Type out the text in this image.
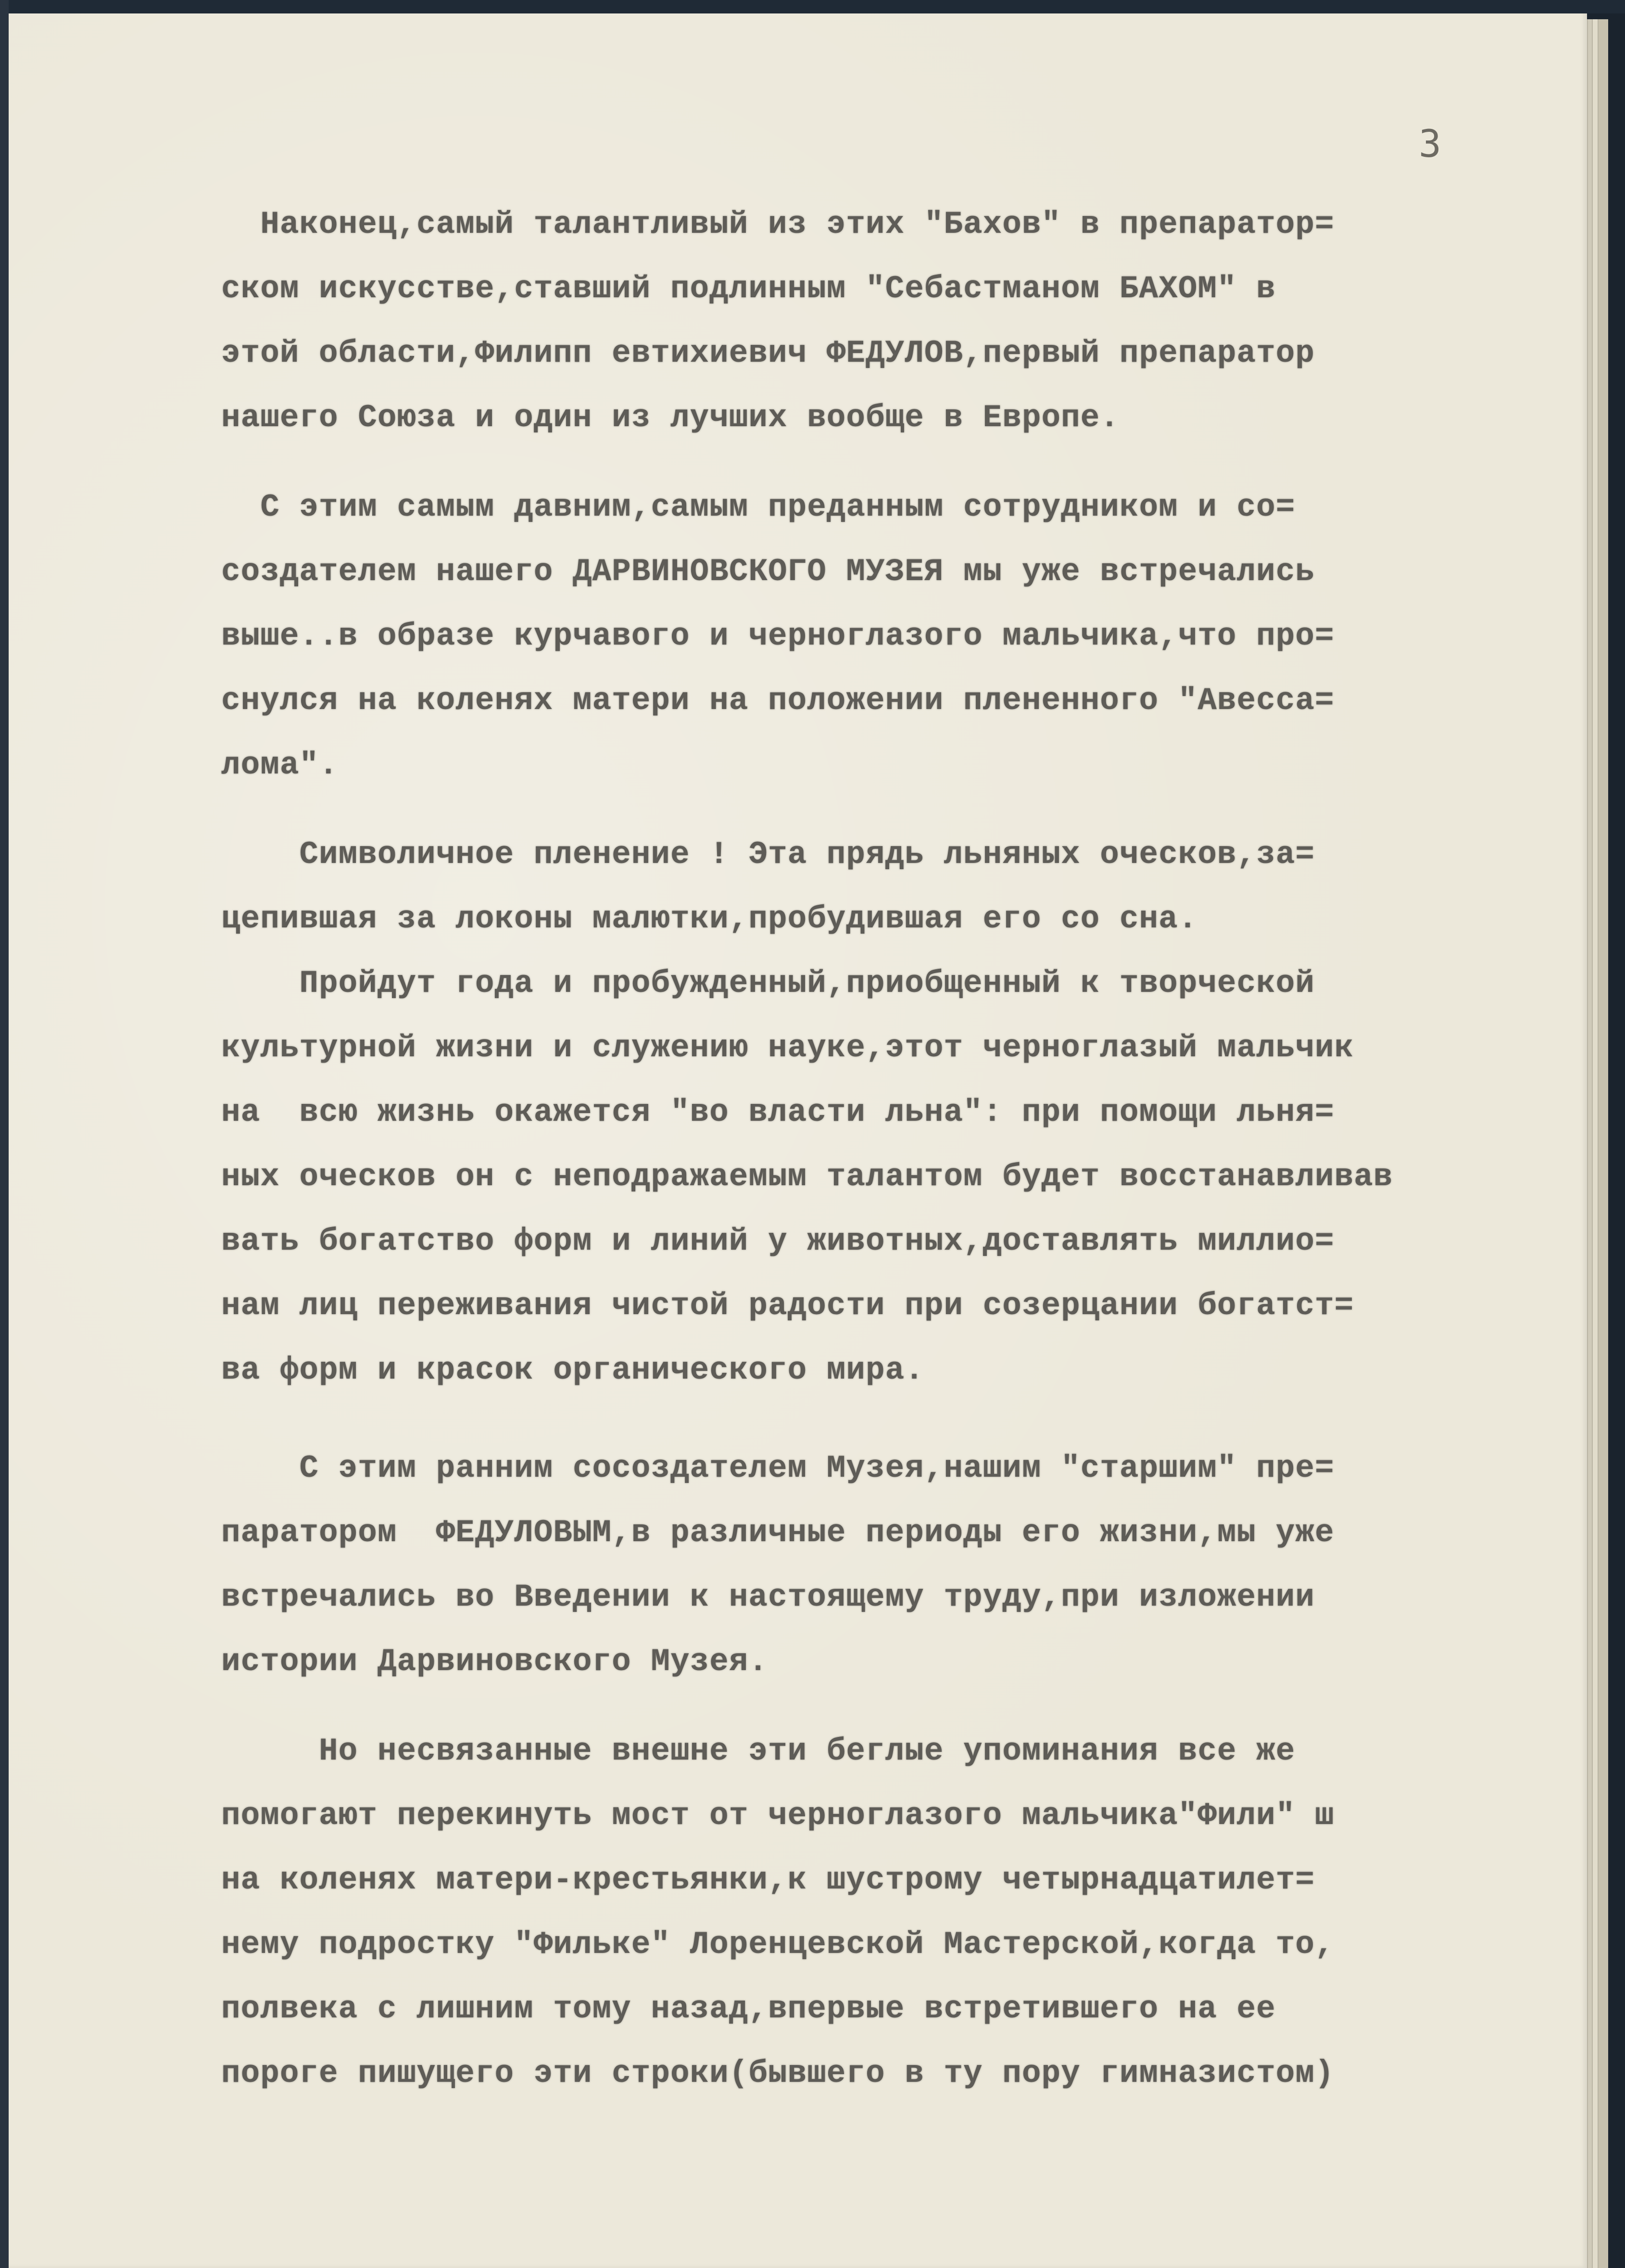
3
Наконец,самый талантливый из этих "Бахов" в препаратор=
ском искусстве,ставший подлинным "Себастманом БАХОМ" в
этой области,Филипп евтихиевич ФЕДУЛОВ,первый препаратор
нашего Союза и один из лучших вообще в Европе.
С этим самым давним,самым преданным сотрудником и со=
создателем нашего ДАРВИНОВСКОГО МУЗЕЯ мы уже встречались
выше..в образе курчавого и черноглазого мальчика,что про=
снулся на коленях матери на положении плененного "Авесса=
лома".
Символичное пленение ! Эта прядь льняных оческов,за=
цепившая за локоны малютки,пробудившая его со сна.
Пройдут года и пробужденный,приобщенный к творческой
культурной жизни и служению науке,этот черноглазый мальчик
на  всю жизнь окажется "во власти льна": при помощи льня=
ных оческов он с неподражаемым талантом будет восстанавливав
вать богатство форм и линий у животных,доставлять миллио=
нам лиц переживания чистой радости при созерцании богатст=
ва форм и красок органического мира.
С этим ранним сосоздателем Музея,нашим "старшим" пре=
паратором  ФЕДУЛОВЫМ,в различные периоды его жизни,мы уже
встречались во Введении к настоящему труду,при изложении
истории Дарвиновского Музея.
Но несвязанные внешне эти беглые упоминания все же
помогают перекинуть мост от черноглазого мальчика"Фили" ш
на коленях матери-крестьянки,к шустрому четырнадцатилет=
нему подростку "Фильке" Лоренцевской Мастерской,когда то,
полвека с лишним тому назад,впервые встретившего на ее
пороге пишущего эти строки(бывшего в ту пору гимназистом)
